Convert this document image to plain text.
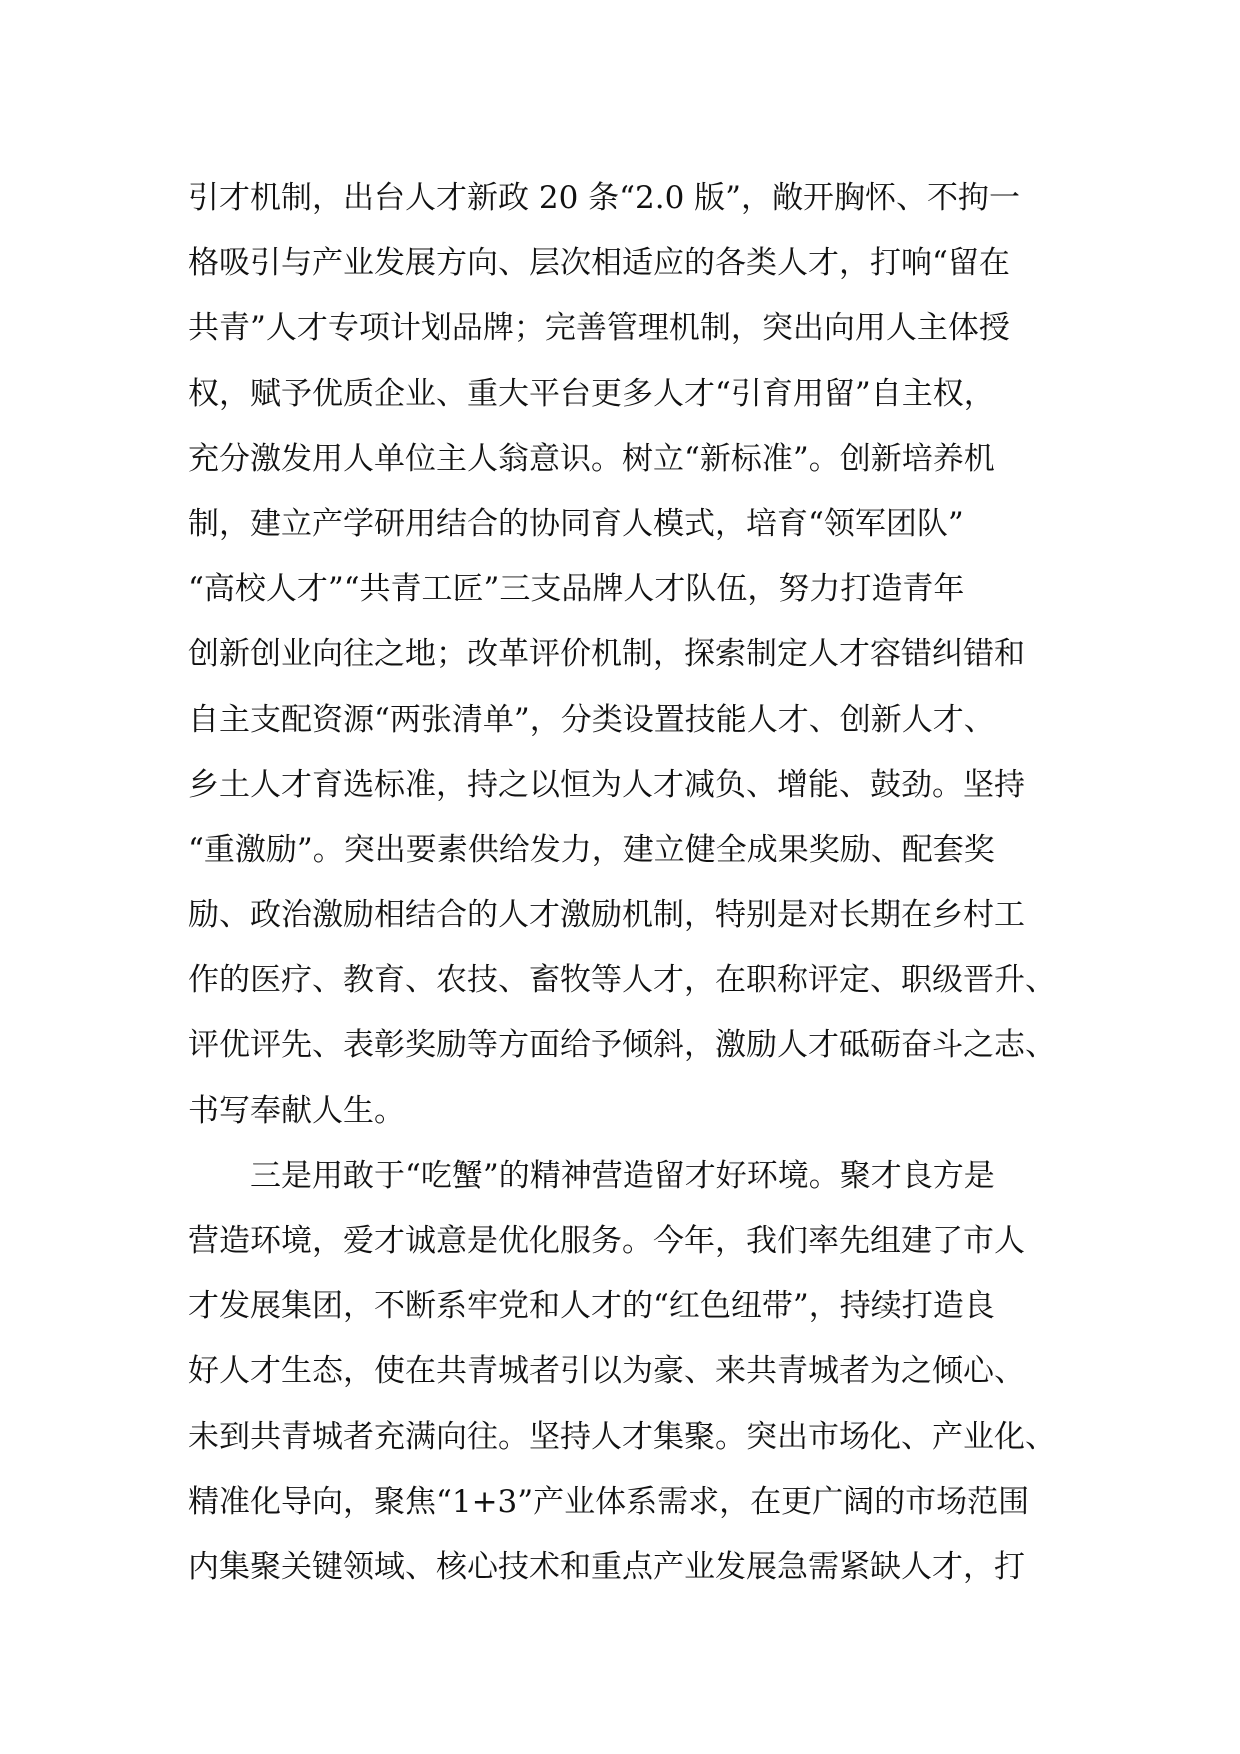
引才机制，出台人才新政 20 条“2.0 版”，敞开胸怀、不拘一
格吸引与产业发展方向、层次相适应的各类人才，打响“留在
共青”人才专项计划品牌；完善管理机制，突出向用人主体授
权，赋予优质企业、重大平台更多人才“引育用留”自主权，
充分激发用人单位主人翁意识。树立“新标准”。创新培养机
制，建立产学研用结合的协同育人模式，培育“领军团队”
“高校人才”“共青工匠”三支品牌人才队伍，努力打造青年
创新创业向往之地；改革评价机制，探索制定人才容错纠错和
自主支配资源“两张清单”，分类设置技能人才、创新人才、
乡土人才育选标准，持之以恒为人才减负、增能、鼓劲。坚持
“重激励”。突出要素供给发力，建立健全成果奖励、配套奖
励、政治激励相结合的人才激励机制，特别是对长期在乡村工
作的医疗、教育、农技、畜牧等人才，在职称评定、职级晋升、
评优评先、表彰奖励等方面给予倾斜，激励人才砥砺奋斗之志、
书写奉献人生。
　　三是用敢于“吃蟹”的精神营造留才好环境。聚才良方是
营造环境，爱才诚意是优化服务。今年，我们率先组建了市人
才发展集团，不断系牢党和人才的“红色纽带”，持续打造良
好人才生态，使在共青城者引以为豪、来共青城者为之倾心、
未到共青城者充满向往。坚持人才集聚。突出市场化、产业化、
精准化导向，聚焦“1+3”产业体系需求，在更广阔的市场范围
内集聚关键领域、核心技术和重点产业发展急需紧缺人才，打
